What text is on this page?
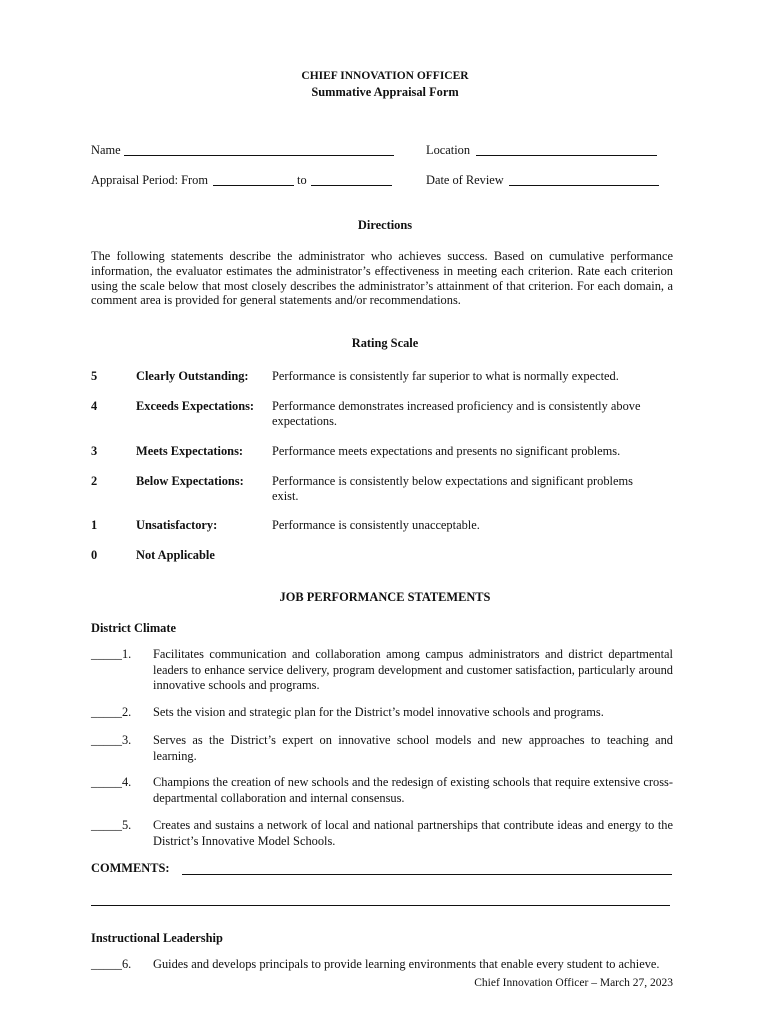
CHIEF INNOVATION OFFICER
Summative Appraisal Form
Name	Location
Appraisal Period: From	to	Date of Review
Directions
The following statements describe the administrator who achieves success. Based on cumulative performance information, the evaluator estimates the administrator’s effectiveness in meeting each criterion. Rate each criterion using the scale below that most closely describes the administrator’s attainment of that criterion. For each domain, a comment area is provided for general statements and/or recommendations.
Rating Scale
5	Clearly Outstanding: Performance is consistently far superior to what is normally expected.
4	Exceeds Expectations: Performance demonstrates increased proficiency and is consistently above expectations.
3	Meets Expectations: Performance meets expectations and presents no significant problems.
2	Below Expectations: Performance is consistently below expectations and significant problems exist.
1	Unsatisfactory:	Performance is consistently unacceptable.
0	Not Applicable
JOB PERFORMANCE STATEMENTS
District Climate
_____1. Facilitates communication and collaboration among campus administrators and district departmental leaders to enhance service delivery, program development and customer satisfaction, particularly around innovative schools and programs.
_____2. Sets the vision and strategic plan for the District’s model innovative schools and programs.
_____3. Serves as the District’s expert on innovative school models and new approaches to teaching and learning.
_____4. Champions the creation of new schools and the redesign of existing schools that require extensive cross-departmental collaboration and internal consensus.
_____5. Creates and sustains a network of local and national partnerships that contribute ideas and energy to the District’s Innovative Model Schools.
COMMENTS:
Instructional Leadership
_____6. Guides and develops principals to provide learning environments that enable every student to achieve.
Chief Innovation Officer – March 27, 2023
